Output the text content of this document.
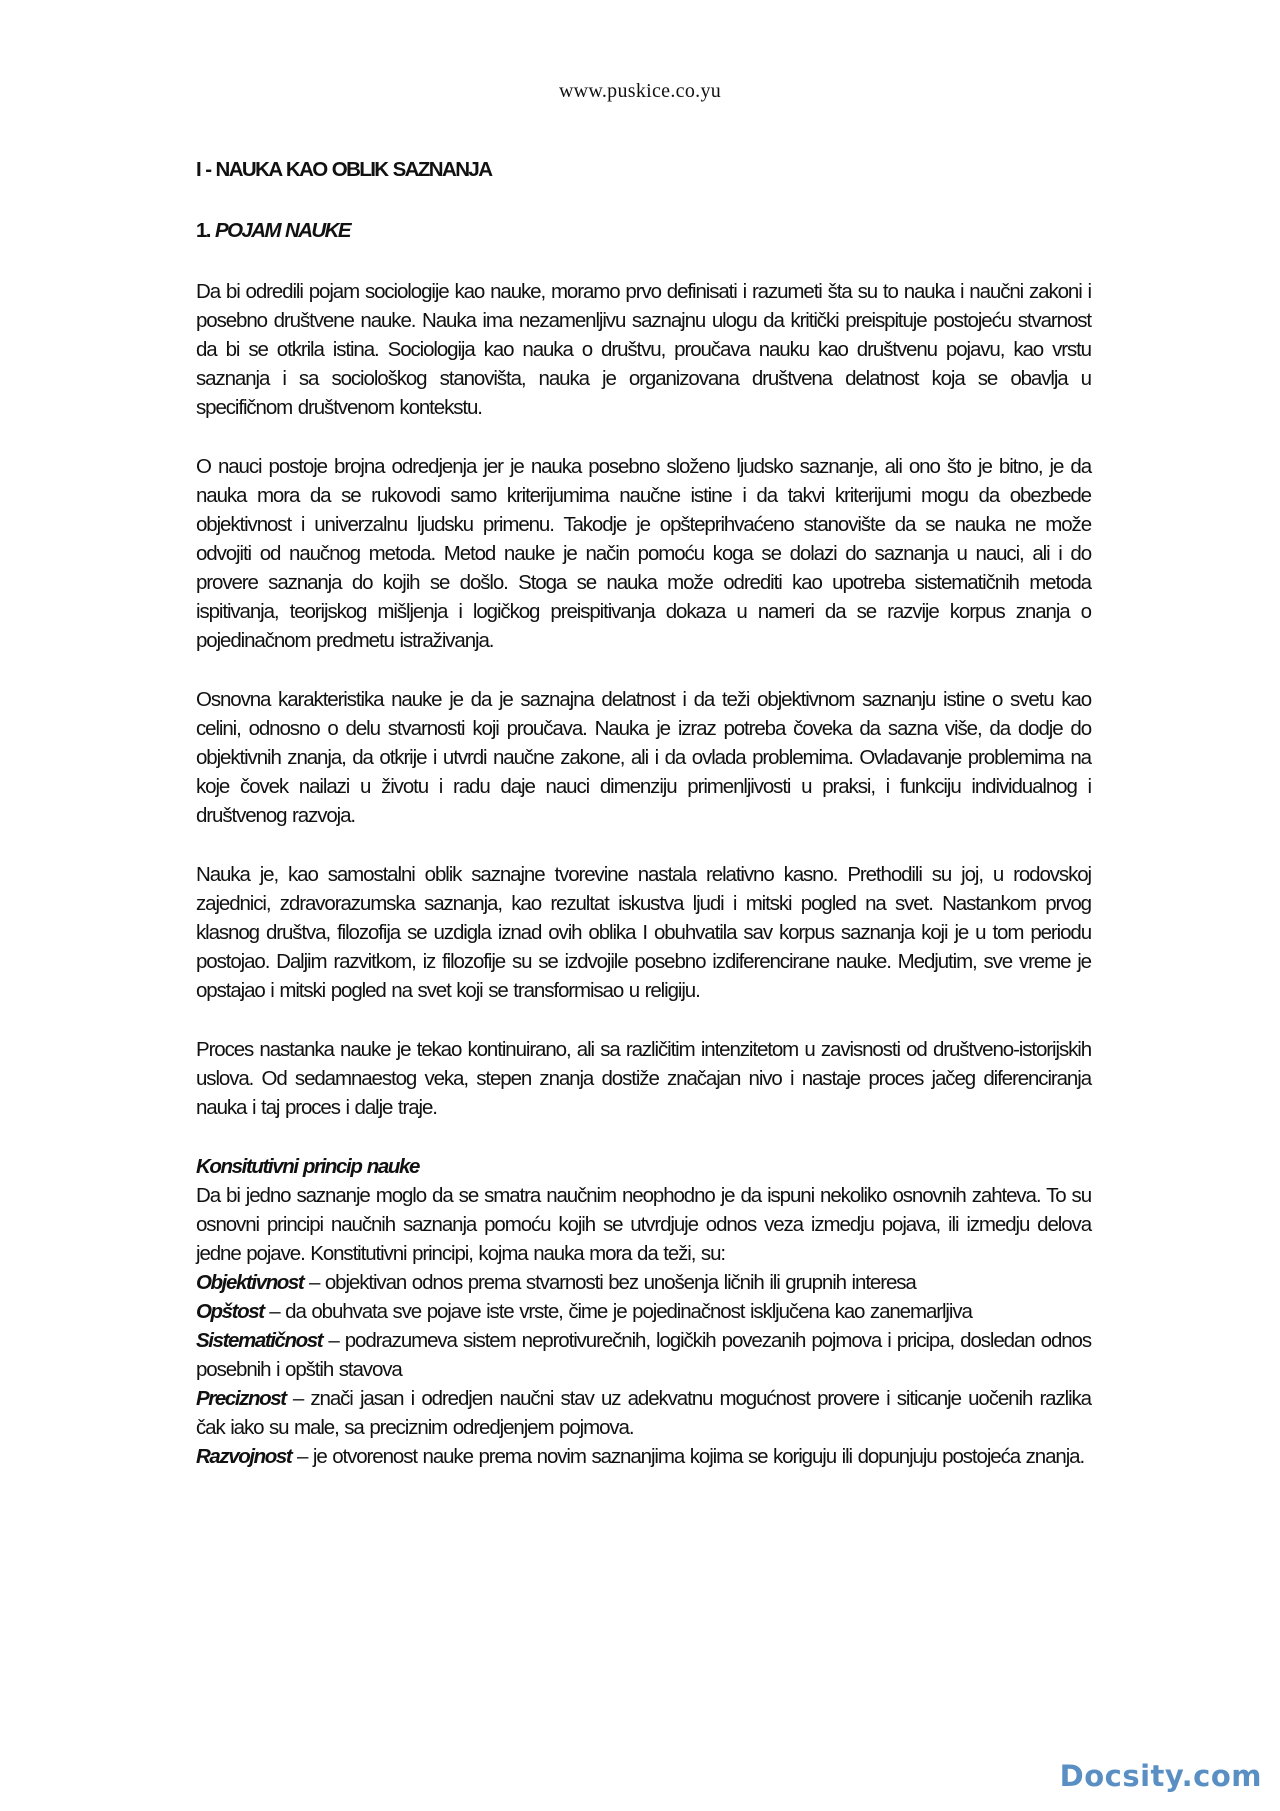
www.puskice.co.yu

I - NAUKA KAO OBLIK SAZNANJA

1. POJAM NAUKE

Da bi odredili pojam sociologije kao nauke, moramo prvo definisati i razumeti šta su to nauka i naučni zakoni i posebno društvene nauke. Nauka ima nezamenljivu saznajnu ulogu da kritički preispituje postojeću stvarnost da bi se otkrila istina. Sociologija kao nauka o društvu, proučava nauku kao društvenu pojavu, kao vrstu saznanja i sa sociološkog stanovišta, nauka je organizovana društvena delatnost koja se obavlja u specifičnom društvenom kontekstu.

O nauci postoje brojna odredjenja jer je nauka posebno složeno ljudsko saznanje, ali ono što je bitno, je da nauka mora da se rukovodi samo kriterijumima naučne istine i da takvi kriterijumi mogu da obezbede objektivnost i univerzalnu ljudsku primenu. Takodje je opšteprihvaćeno stanovište da se nauka ne može odvojiti od naučnog metoda. Metod nauke je način pomoću koga se dolazi do saznanja u nauci, ali i do provere saznanja do kojih se došlo. Stoga se nauka može odrediti kao upotreba sistematičnih metoda ispitivanja, teorijskog mišljenja i logičkog preispitivanja dokaza u nameri da se razvije korpus znanja o pojedinačnom predmetu istraživanja.

Osnovna karakteristika nauke je da je saznajna delatnost i da teži objektivnom saznanju istine o svetu kao celini, odnosno o delu stvarnosti koji proučava. Nauka je izraz potreba čoveka da sazna više, da dodje do objektivnih znanja, da otkrije i utvrdi naučne zakone, ali i da ovlada problemima. Ovladavanje problemima na koje čovek nailazi u životu i radu daje nauci dimenziju primenljivosti u praksi, i funkciju individualnog i društvenog razvoja.

Nauka je, kao samostalni oblik saznajne tvorevine nastala relativno kasno. Prethodili su joj, u rodovskoj zajednici, zdravorazumska saznanja, kao rezultat iskustva ljudi i mitski pogled na svet. Nastankom prvog klasnog društva, filozofija se uzdigla iznad ovih oblika I obuhvatila sav korpus saznanja koji je u tom periodu postojao. Daljim razvitkom, iz filozofije su se izdvojile posebno izdiferencirane nauke. Medjutim, sve vreme je opstajao i mitski pogled na svet koji se transformisao u religiju.

Proces nastanka nauke je tekao kontinuirano, ali sa različitim intenzitetom u zavisnosti od društveno-istorijskih uslova. Od sedamnaestog veka, stepen znanja dostiže značajan nivo i nastaje proces jačeg diferenciranja nauka i taj proces i dalje traje.

Konsitutivni princip nauke

Da bi jedno saznanje moglo da se smatra naučnim neophodno je da ispuni nekoliko osnovnih zahteva. To su osnovni principi naučnih saznanja pomoću kojih se utvrdjuje odnos veza izmedju pojava, ili izmedju delova jedne pojave. Konstitutivni principi, kojma nauka mora da teži, su:

Objektivnost – objektivan odnos prema stvarnosti bez unošenja ličnih ili grupnih interesa

Opštost – da obuhvata sve pojave iste vrste, čime je pojedinačnost isključena kao zanemarljiva

Sistematičnost – podrazumeva sistem neprotivurečnih, logičkih povezanih pojmova i pricipa, dosledan odnos posebnih i opštih stavova

Preciznost – znači jasan i odredjen naučni stav uz adekvatnu mogućnost provere i siticanje uočenih razlika čak iako su male, sa preciznim odredjenjem pojmova.

Razvojnost – je otvorenost nauke prema novim saznanjima kojima se koriguju ili dopunjuju postojeća znanja.

Docsity.com
